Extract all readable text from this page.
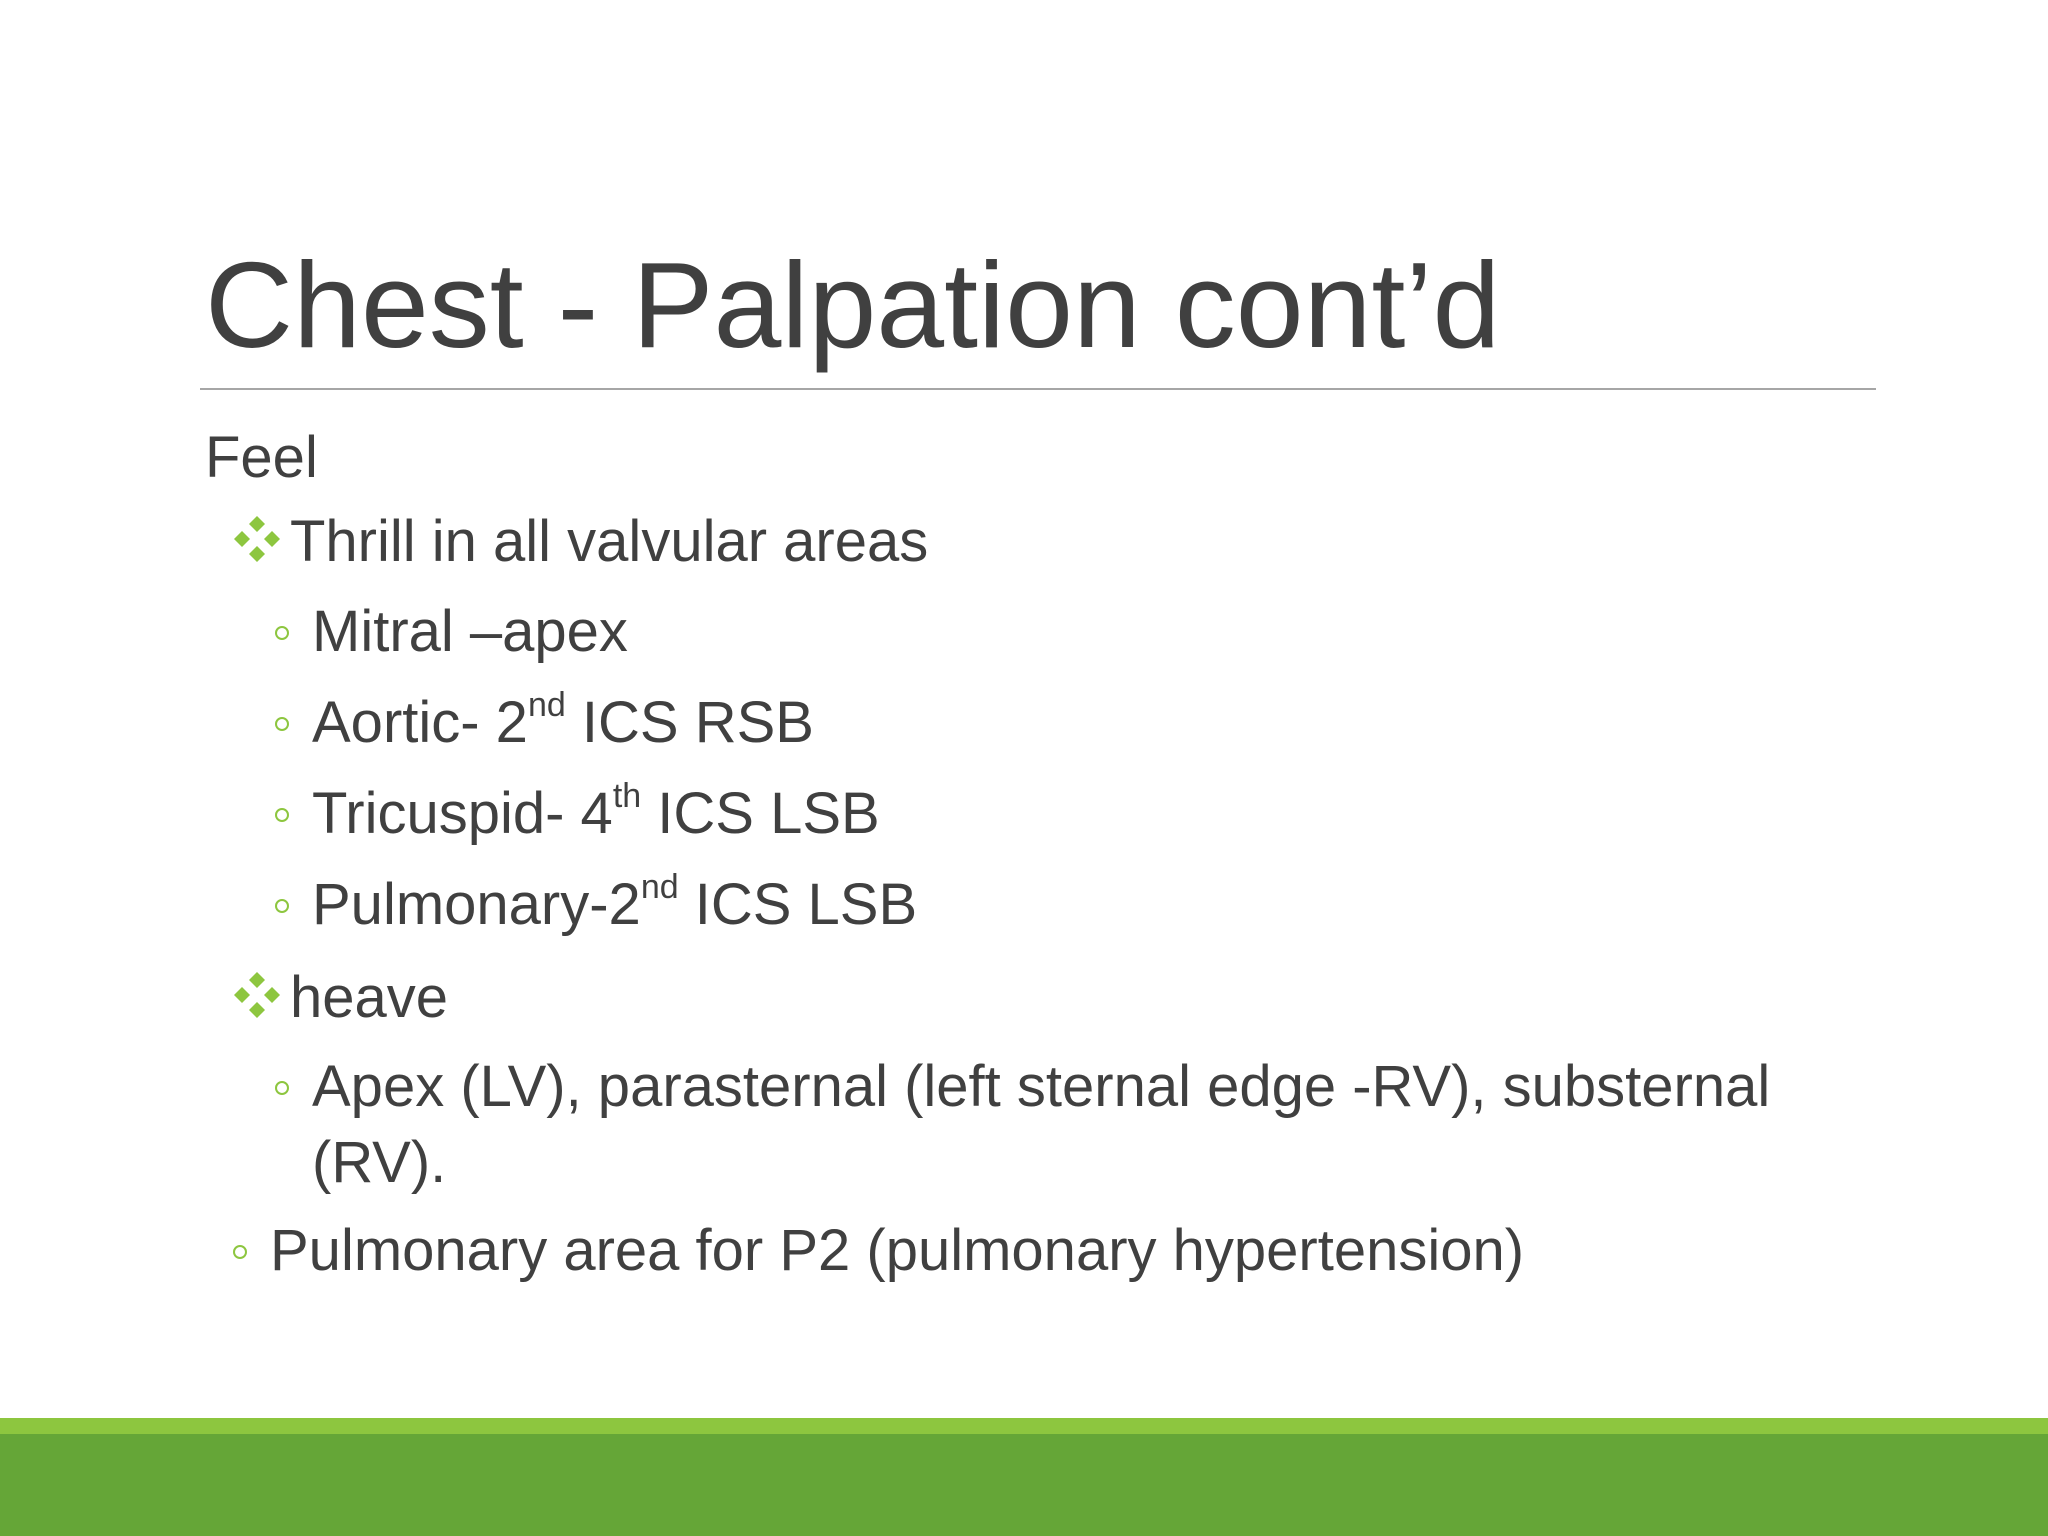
Chest - Palpation cont’d
Feel
Thrill in all valvular areas
Mitral –apex
Aortic- 2nd ICS RSB
Tricuspid- 4th ICS LSB
Pulmonary-2nd ICS LSB
heave
Apex (LV), parasternal (left sternal edge -RV), substernal
(RV).
Pulmonary area for P2 (pulmonary hypertension)
